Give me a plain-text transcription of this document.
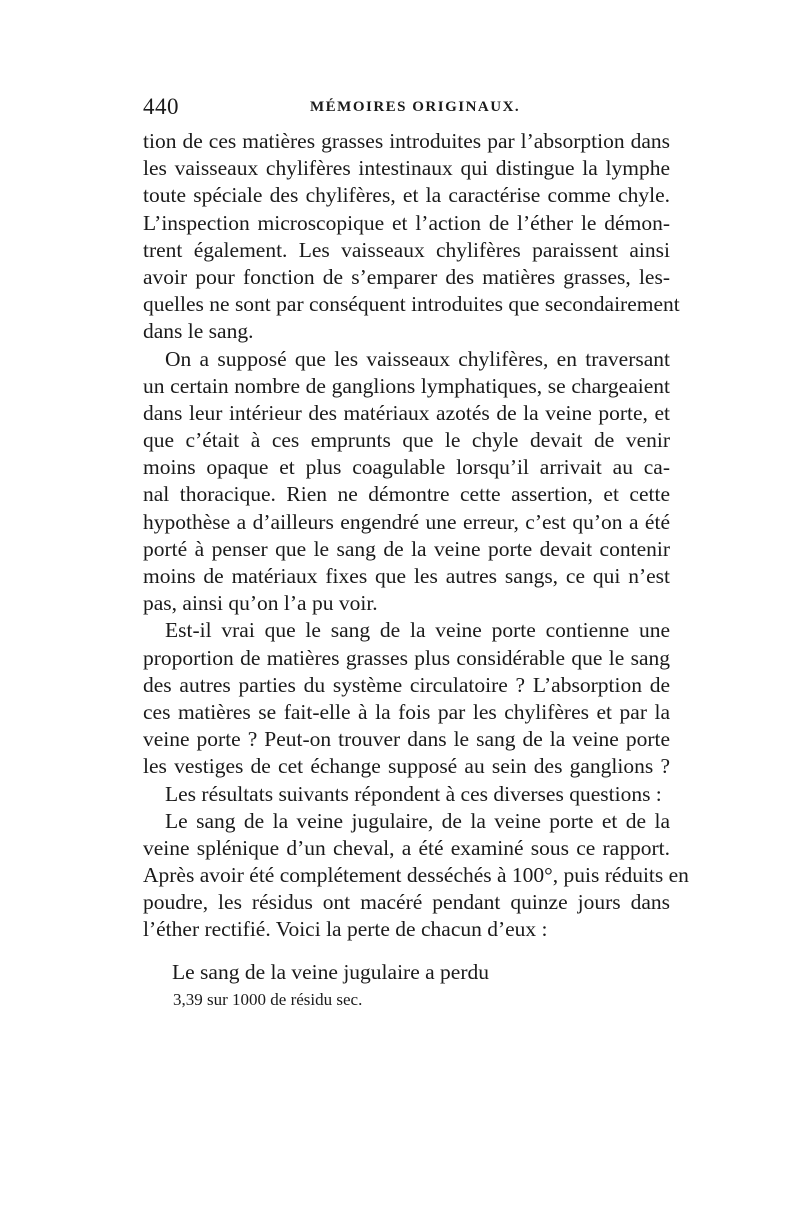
440	MÉMOIRES ORIGINAUX.
tion de ces matières grasses introduites par l’absorption dans
les vaisseaux chylifères intestinaux qui distingue la lymphe
toute spéciale des chylifères, et la caractérise comme chyle.
L’inspection microscopique et l’action de l’éther le démon-
trent également. Les vaisseaux chylifères paraissent ainsi
avoir pour fonction de s’emparer des matières grasses, les-
quelles ne sont par conséquent introduites que secondairement
dans le sang.
On a supposé que les vaisseaux chylifères, en traversant
un certain nombre de ganglions lymphatiques, se chargeaient
dans leur intérieur des matériaux azotés de la veine porte, et
que c’était à ces emprunts que le chyle devait de venir
moins opaque et plus coagulable lorsqu’il arrivait au ca-
nal thoracique. Rien ne démontre cette assertion, et cette
hypothèse a d’ailleurs engendré une erreur, c’est qu’on a été
porté à penser que le sang de la veine porte devait contenir
moins de matériaux fixes que les autres sangs, ce qui n’est
pas, ainsi qu’on l’a pu voir.
Est-il vrai que le sang de la veine porte contienne une
proportion de matières grasses plus considérable que le sang
des autres parties du système circulatoire ? L’absorption de
ces matières se fait-elle à la fois par les chylifères et par la
veine porte ? Peut-on trouver dans le sang de la veine porte
les vestiges de cet échange supposé au sein des ganglions ?
Les résultats suivants répondent à ces diverses questions :
Le sang de la veine jugulaire, de la veine porte et de la
veine splénique d’un cheval, a été examiné sous ce rapport.
Après avoir été complétement desséchés à 100°, puis réduits en
poudre, les résidus ont macéré pendant quinze jours dans
l’éther rectifié. Voici la perte de chacun d’eux :
Le sang de la veine jugulaire a perdu
3,39 sur 1000 de résidu sec.
